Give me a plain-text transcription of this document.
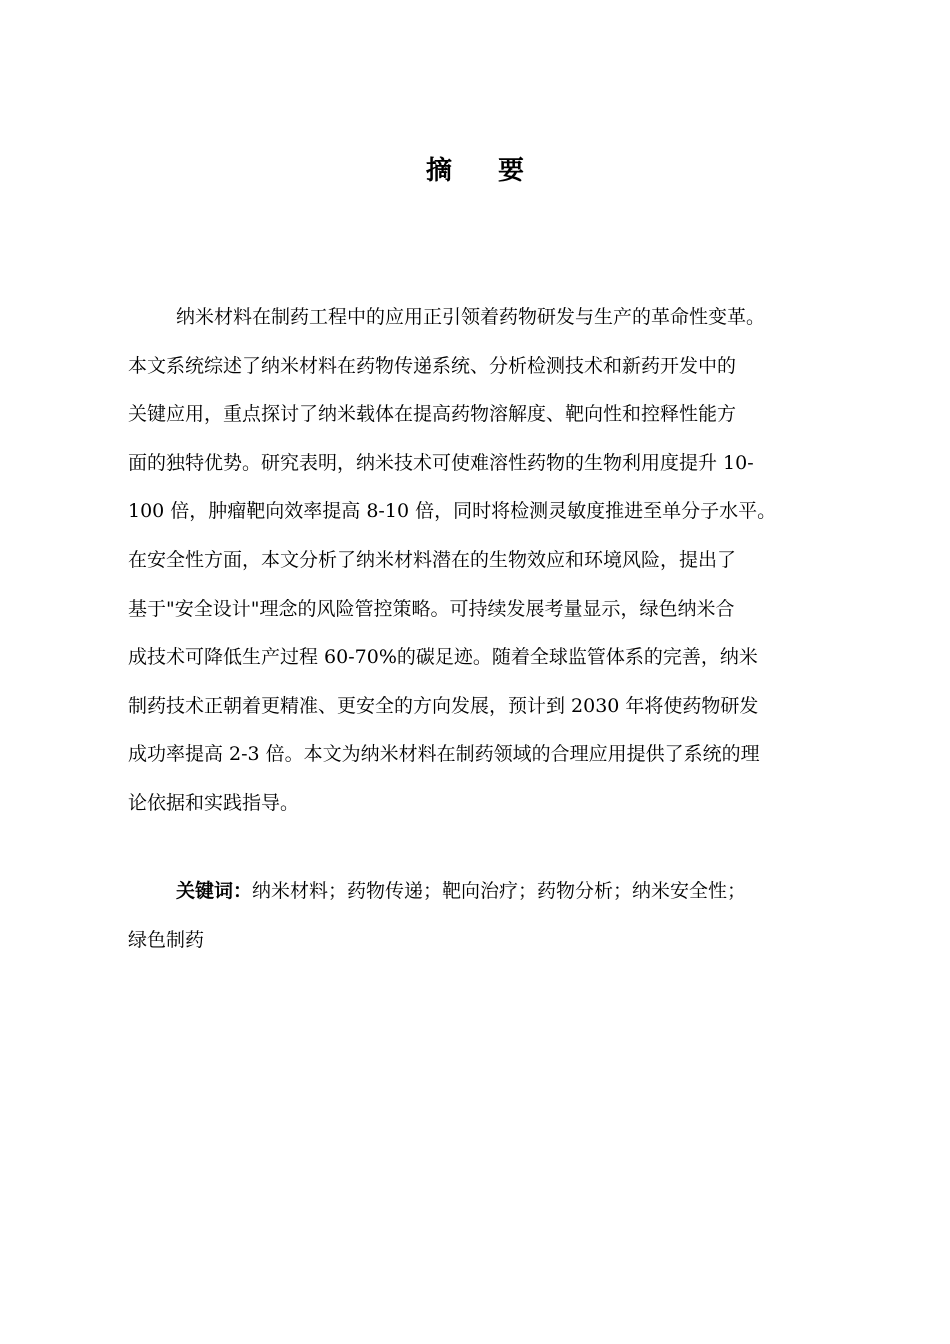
摘 要
纳米材料在制药工程中的应用正引领着药物研发与生产的革命性变革。
本文系统综述了纳米材料在药物传递系统、分析检测技术和新药开发中的
关键应用，重点探讨了纳米载体在提高药物溶解度、靶向性和控释性能方
面的独特优势。研究表明，纳米技术可使难溶性药物的生物利用度提升 10-
100 倍，肿瘤靶向效率提高 8-10 倍，同时将检测灵敏度推进至单分子水平。
在安全性方面，本文分析了纳米材料潜在的生物效应和环境风险，提出了
基于"安全设计"理念的风险管控策略。可持续发展考量显示，绿色纳米合
成技术可降低生产过程 60-70%的碳足迹。随着全球监管体系的完善，纳米
制药技术正朝着更精准、更安全的方向发展，预计到 2030 年将使药物研发
成功率提高 2-3 倍。本文为纳米材料在制药领域的合理应用提供了系统的理
论依据和实践指导。
关键词：纳米材料；药物传递；靶向治疗；药物分析；纳米安全性；
绿色制药
